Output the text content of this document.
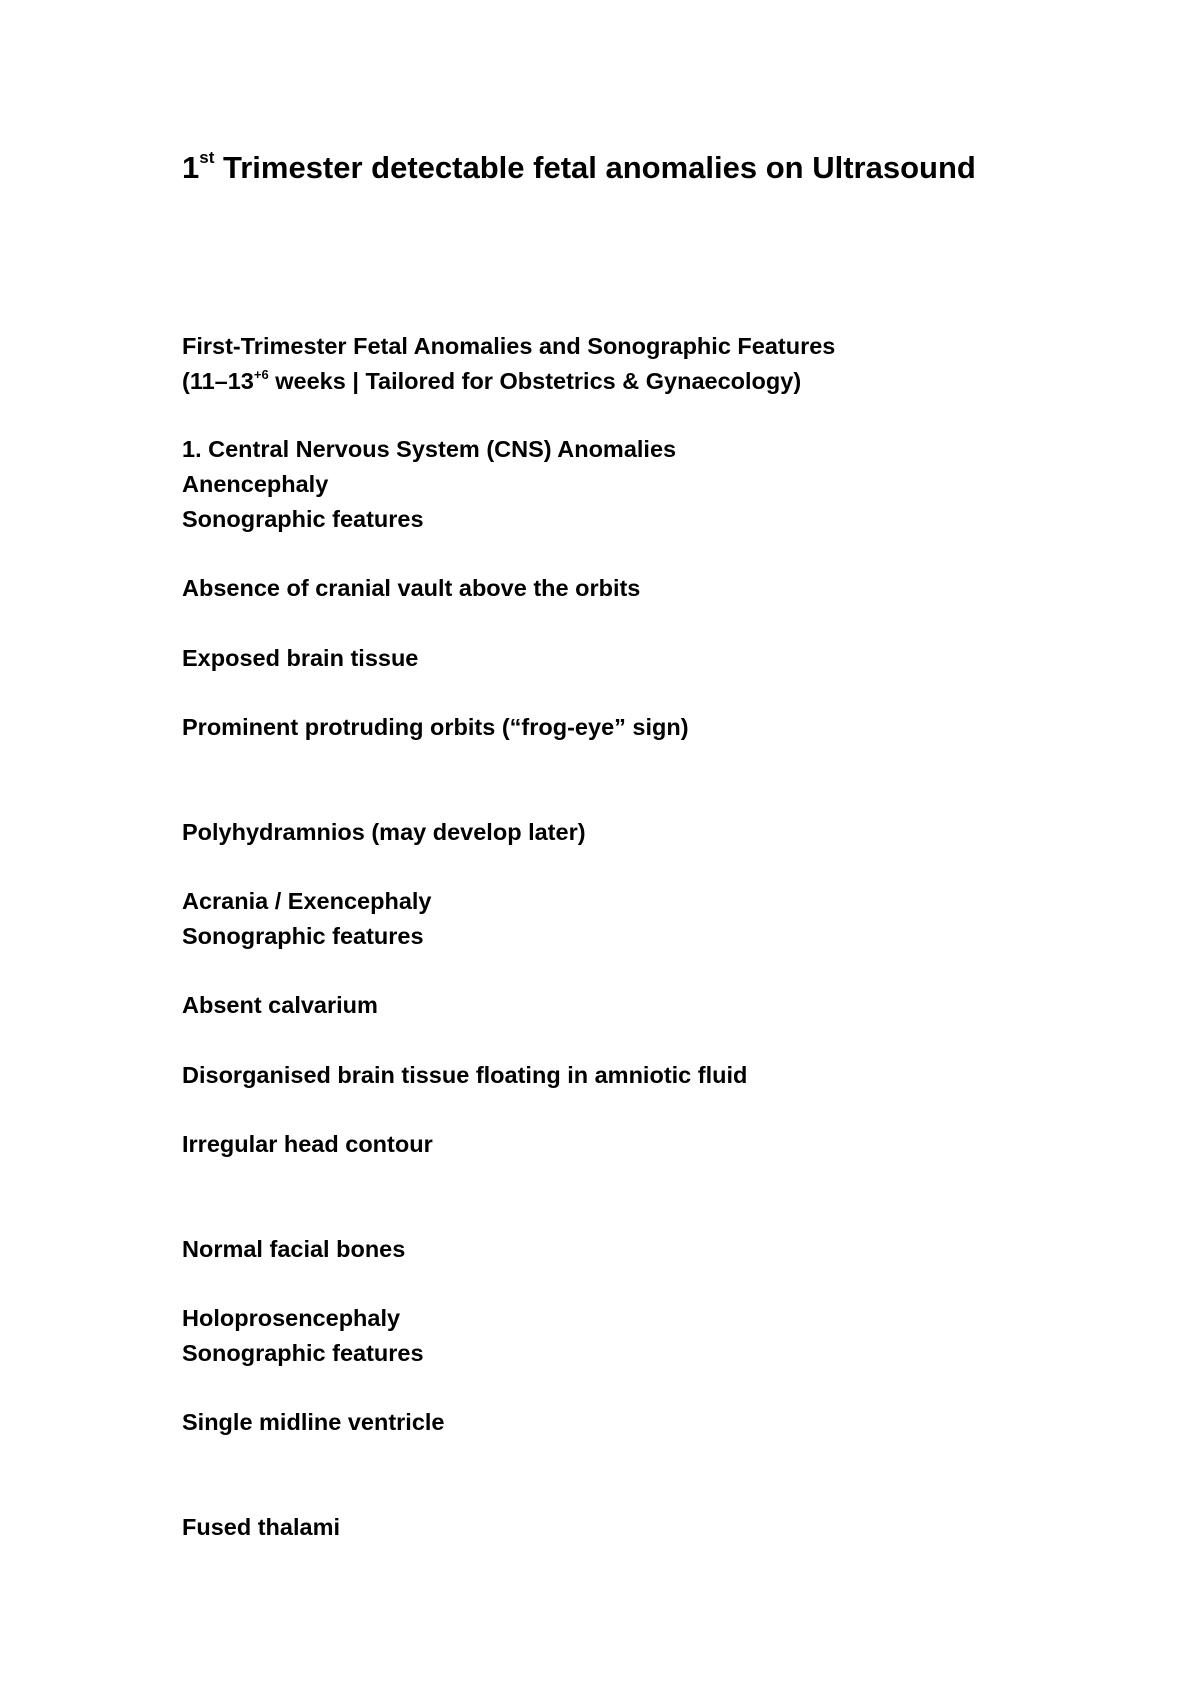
1st Trimester detectable fetal anomalies on Ultrasound
First-Trimester Fetal Anomalies and Sonographic Features
($11-13^{+6}$ weeks | Tailored for Obstetrics & Gynaecology)
1. Central Nervous System (CNS) Anomalies
Anencephaly
Sonographic features
Absence of cranial vault above the orbits
Exposed brain tissue
Prominent protruding orbits (“frog-eye” sign)
Polyhydramnios (may develop later)
Acrania / Exencephaly
Sonographic features
Absent calvarium
Disorganised brain tissue floating in amniotic fluid
Irregular head contour
Normal facial bones
Holoprosencephaly
Sonographic features
Single midline ventricle
Fused thalami
